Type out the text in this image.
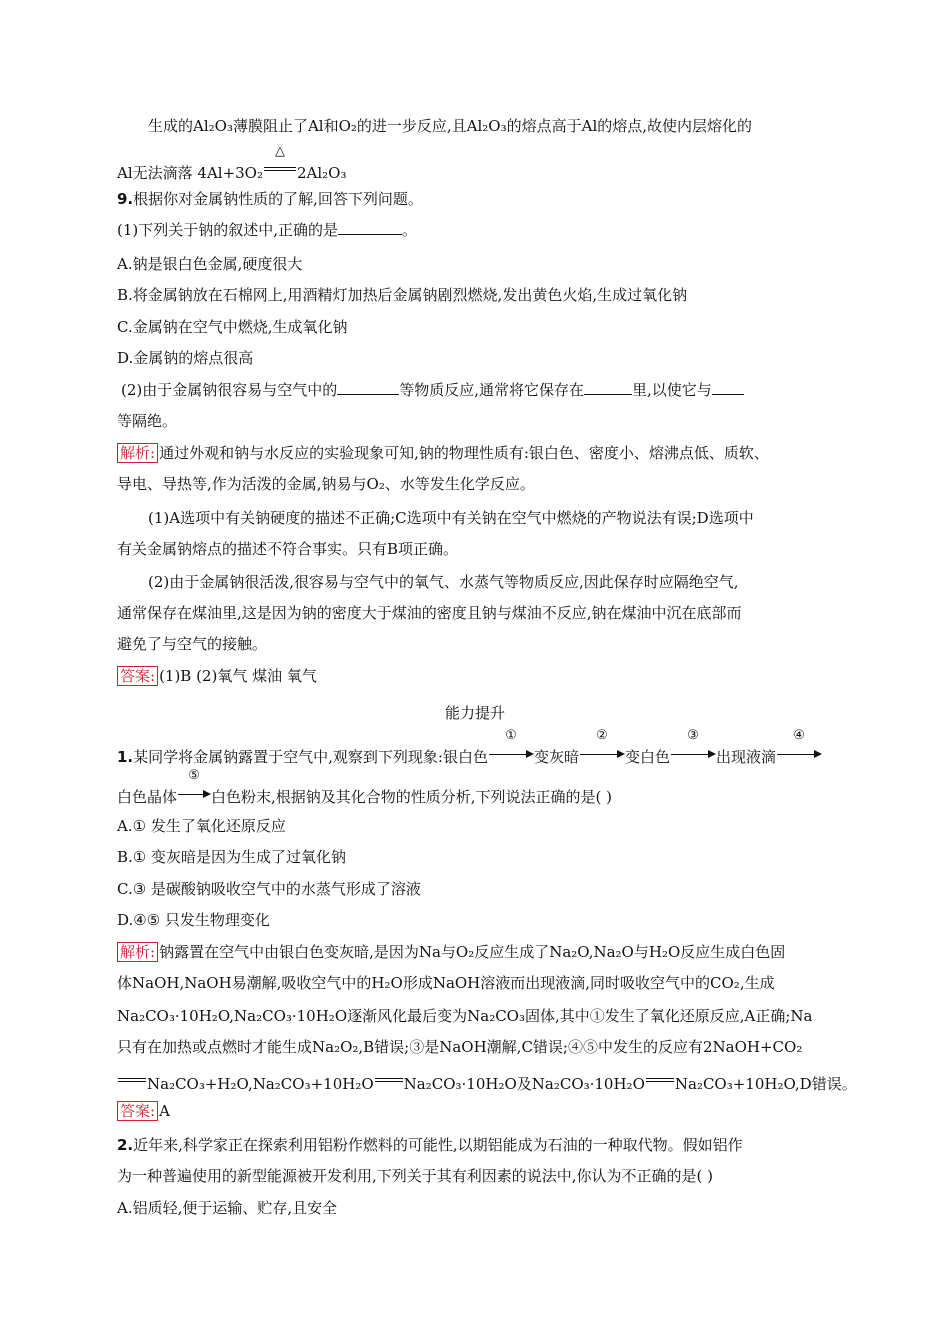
生成的Al₂O₃薄膜阻止了Al和O₂的进一步反应,且Al₂O₃的熔点高于Al的熔点,故使内层熔化的
Al无法滴落 4Al+3O₂
△
2Al₂O₃
9.根据你对金属钠性质的了解,回答下列问题。
(1)下列关于钠的叙述中,正确的是	。
A.钠是银白色金属,硬度很大
B.将金属钠放在石棉网上,用酒精灯加热后金属钠剧烈燃烧,发出黄色火焰,生成过氧化钠
C.金属钠在空气中燃烧,生成氧化钠
D.金属钠的熔点很高
(2)由于金属钠很容易与空气中的	等物质反应,通常将它保存在	里,以使它与
等隔绝。
解析: 通过外观和钠与水反应的实验现象可知,钠的物理性质有:银白色、密度小、熔沸点低、质软、
导电、导热等,作为活泼的金属,钠易与O₂、水等发生化学反应。
(1)A选项中有关钠硬度的描述不正确;C选项中有关钠在空气中燃烧的产物说法有误;D选项中
有关金属钠熔点的描述不符合事实。只有B项正确。
(2)由于金属钠很活泼,很容易与空气中的氧气、水蒸气等物质反应,因此保存时应隔绝空气,
通常保存在煤油里,这是因为钠的密度大于煤油的密度且钠与煤油不反应,钠在煤油中沉在底部而
避免了与空气的接触。
答案: (1)B (2)氧气 煤油 氧气
能力提升
1.某同学将金属钠露置于空气中,观察到下列现象:银白色
①
变灰暗
②
变白色
③
出现液滴
④
白色晶体
⑤
白色粉末,根据钠及其化合物的性质分析,下列说法正确的是( )
A.① 发生了氧化还原反应
B.① 变灰暗是因为生成了过氧化钠
C.③ 是碳酸钠吸收空气中的水蒸气形成了溶液
D.④⑤ 只发生物理变化
解析: 钠露置在空气中由银白色变灰暗,是因为Na与O₂反应生成了Na₂O,Na₂O与H₂O反应生成白色固
体NaOH,NaOH易潮解,吸收空气中的H₂O形成NaOH溶液而出现液滴,同时吸收空气中的CO₂,生成
Na₂CO₃·10H₂O,Na₂CO₃·10H₂O逐渐风化最后变为Na₂CO₃固体,其中①发生了氧化还原反应,A正确;Na
只有在加热或点燃时才能生成Na₂O₂,B错误;③是NaOH潮解,C错误;④⑤中发生的反应有2NaOH+CO₂
Na₂CO₃+H₂O,Na₂CO₃+10H₂O Na₂CO₃·10H₂O及Na₂CO₃·10H₂O Na₂CO₃+10H₂O,D错误。
答案: A
2.近年来,科学家正在探索利用铝粉作燃料的可能性,以期铝能成为石油的一种取代物。假如铝作
为一种普遍使用的新型能源被开发利用,下列关于其有利因素的说法中,你认为不正确的是( )
A.铝质轻,便于运输、贮存,且安全
